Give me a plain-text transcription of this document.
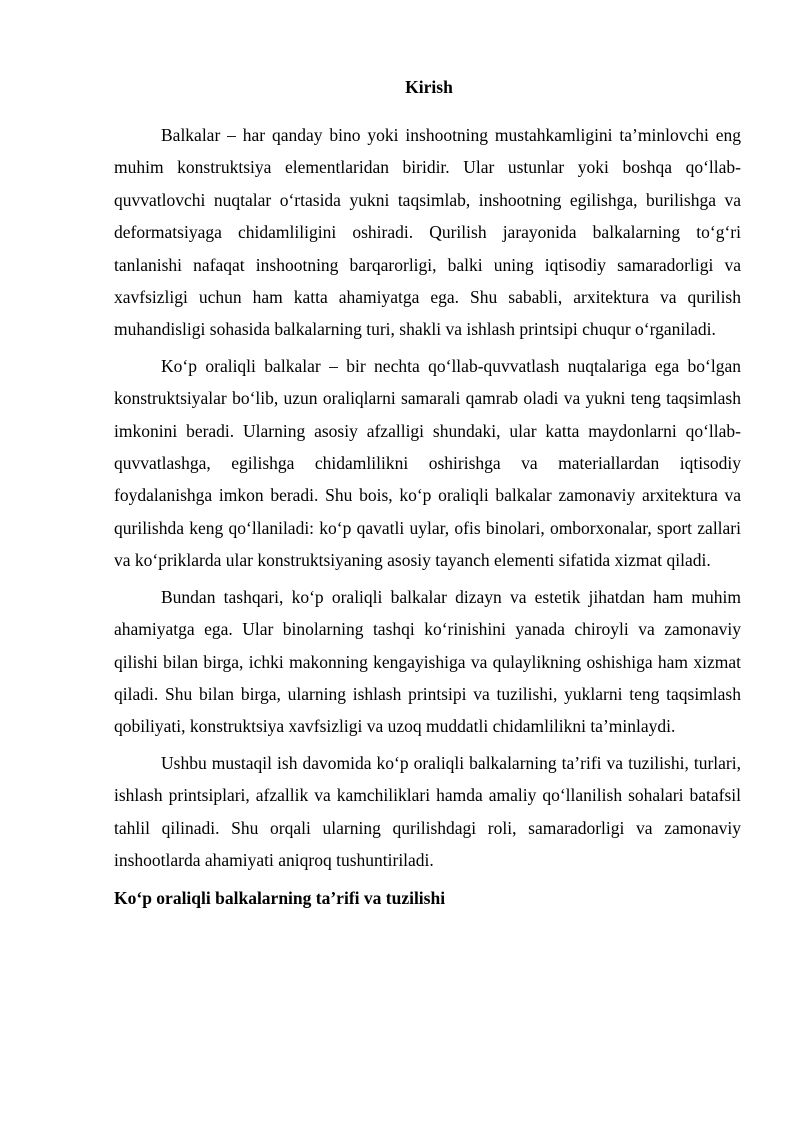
Kirish

Balkalar – har qanday bino yoki inshootning mustahkamligini ta’minlovchi eng muhim konstruktsiya elementlaridan biridir. Ular ustunlar yoki boshqa qo‘llab-quvvatlovchi nuqtalar o‘rtasida yukni taqsimlab, inshootning egilishga, burilishga va deformatsiyaga chidamliligini oshiradi. Qurilish jarayonida balkalarning to‘g‘ri tanlanishi nafaqat inshootning barqarorligi, balki uning iqtisodiy samaradorligi va xavfsizligi uchun ham katta ahamiyatga ega. Shu sababli, arxitektura va qurilish muhandisligi sohasida balkalarning turi, shakli va ishlash printsipi chuqur o‘rganiladi.

Ko‘p oraliqli balkalar – bir nechta qo‘llab-quvvatlash nuqtalariga ega bo‘lgan konstruktsiyalar bo‘lib, uzun oraliqlarni samarali qamrab oladi va yukni teng taqsimlash imkonini beradi. Ularning asosiy afzalligi shundaki, ular katta maydonlarni qo‘llab-quvvatlashga, egilishga chidamlilikni oshirishga va materiallardan iqtisodiy foydalanishga imkon beradi. Shu bois, ko‘p oraliqli balkalar zamonaviy arxitektura va qurilishda keng qo‘llaniladi: ko‘p qavatli uylar, ofis binolari, omborxonalar, sport zallari va ko‘priklarda ular konstruktsiyaning asosiy tayanch elementi sifatida xizmat qiladi.

Bundan tashqari, ko‘p oraliqli balkalar dizayn va estetik jihatdan ham muhim ahamiyatga ega. Ular binolarning tashqi ko‘rinishini yanada chiroyli va zamonaviy qilishi bilan birga, ichki makonning kengayishiga va qulaylikning oshishiga ham xizmat qiladi. Shu bilan birga, ularning ishlash printsipi va tuzilishi, yuklarni teng taqsimlash qobiliyati, konstruktsiya xavfsizligi va uzoq muddatli chidamlilikni ta’minlaydi.

Ushbu mustaqil ish davomida ko‘p oraliqli balkalarning ta’rifi va tuzilishi, turlari, ishlash printsiplari, afzallik va kamchiliklari hamda amaliy qo‘llanilish sohalari batafsil tahlil qilinadi. Shu orqali ularning qurilishdagi roli, samaradorligi va zamonaviy inshootlarda ahamiyati aniqroq tushuntiriladi.

Ko‘p oraliqli balkalarning ta’rifi va tuzilishi
